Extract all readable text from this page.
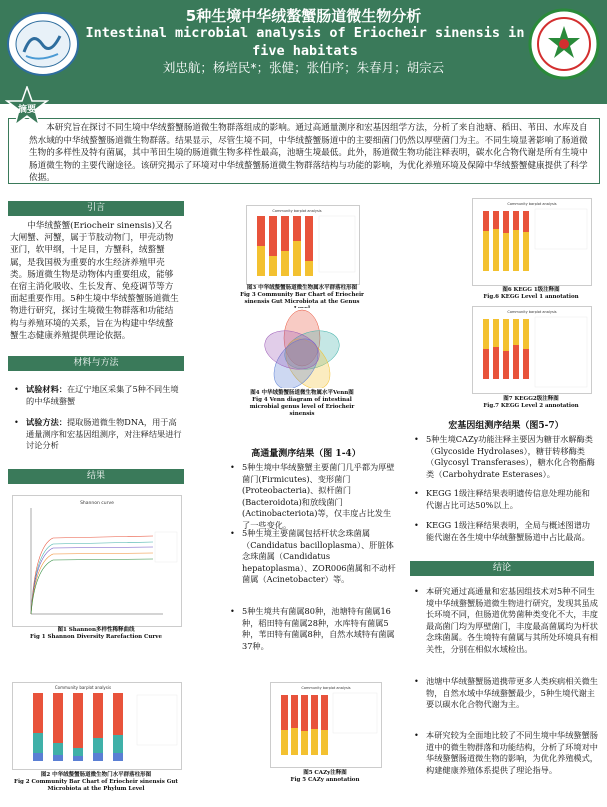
5种生境中华绒螯蟹肠道微生物分析
Intestinal microbial analysis of Eriocheir sinensis in five habitats
刘忠航；杨培民*；张健；张伯序；朱春月；胡宗云

本研究旨在探讨不同生境中华绒螯蟹肠道微生物群落组成的影响。通过高通量测序和宏基因组学方法，分析了来自池塘、稻田、苇田、水库及自然水域的中华绒螯蟹肠道微生物群落。结果显示，尽管生境不同，中华绒螯蟹肠道中的主要细菌门仍然以厚壁菌门为主。不同生境显著影响了肠道微生物的多样性及特有菌属，其中苇田生境的肠道微生物多样性最高，池塘生境最低。此外，肠道微生物功能注释表明，碳水化合物代谢是所有生境中肠道微生物的主要代谢途径。该研究揭示了环境对中华绒螯蟹肠道微生物群落结构与功能的影响，为优化养殖环境及保障中华绒螯蟹健康提供了科学依据。

摘要
引言
中华绒螯蟹(Eriocheir sinensis)又名大闸蟹、河蟹，属于节肢动物门，甲壳动物亚门，软甲纲，十足目，方蟹科，绒螯蟹属，是我国极为重要的水生经济养殖甲壳类。肠道微生物是动物体内重要组成，能够在宿主消化吸收、生长发育、免疫调节等方面起重要作用。5种生境中华绒螯蟹肠道微生物进行研究，探讨生境微生物群落和功能结构与养殖环境的关系，旨在为构建中华绒螯蟹生态健康养殖提供理论依据。
材料与方法
• 试验材料：在辽宁地区采集了5种不同生境的中华绒螯蟹
• 试验方法：提取肠道微生物DNA，用于高通量测序和宏基因组测序，对注释结果进行讨论分析
结果
Shannon curve
图1 Shannon多样性稀释曲线
Fig 1 Shannon Diversity Rarefaction Curve
Community barplot analysis
图2 中华绒螯蟹肠道微生物门水平群落柱形图
Fig 2 Community Bar Chart of Eriocheir sinensis Gut Microbiota at the Phylum Level
Community barplot analysis
图3 中华绒螯蟹肠道微生物属水平群落柱形图
Fig 3 Community Bar Chart of Eriocheir sinensis Gut Microbiota at the Genus
图4 中华绒螯蟹肠道微生物属水平Venn图
Fig 4 Venn diagram of intestinal microbial genus level of Eriocheir sinensis
Community barplot analysis
图6 KEGG 1级注释图
Fig.6 KEGG Level 1 annotation
Community barplot analysis
图7 KEGG2级注释图
Fig.7 KEGG Level 2 annotation
高通量测序结果（图 1-4）
• 5种生境中华绒螯蟹主要菌门几乎都为厚壁菌门(Firmicutes)、变形菌门(Proteobacteria)、拟杆菌门(Bacteroidota)和放线菌门(Actinobacteriota)等，仅丰度占比发生了一些变化。
• 5种生境主要菌属包括杆状念珠菌属（Candidatus bacilloplasma）、肝脏体念珠菌属（Candidatus hepatoplasma）、ZOR006菌属和不动杆菌属（Acinetobacter）等。
• 5种生境共有菌属80种，池塘特有菌属16种，稻田特有菌属28种，水库特有菌属5种，苇田特有菌属8种，自然水域特有菌属37种。
Community barplot analysis
图5 CAZy注释图
Fig 5 CAZy annotation
宏基因组测序结果（图5-7）
• 5种生境CAZy功能注释主要因为糖苷水解酶类（Glycoside Hydrolases），糖苷转移酶类（Glycosyl Transferases），糖水化合物酯酶类（Carbohydrate Esterases）。
• KEGG 1级注释结果表明遗传信息处理功能和代谢占比可达50%以上。
• KEGG 1级注释结果表明，全局与概述图谱功能代谢在各生境中华绒螯蟹肠道中占比最高。
结论
• 本研究通过高通量和宏基因组技术对5种不同生境中华绒螯蟹肠道微生物进行研究，发现其虽成长环境不同，但肠道优势菌种类变化不大，丰度最高菌门均为厚壁菌门，丰度最高菌属均为杆状念珠菌属。各生境特有菌属与其所处环境具有相关性，分别在相似水域检出。
• 池塘中华绒螯蟹肠道携带更多人类疾病相关微生物，自然水域中华绒螯蟹最少，5种生境代谢主要以碳水化合物代谢为主。
• 本研究较为全面地比较了不同生境中华绒螯蟹肠道中的微生物群落和功能结构，分析了环境对中华绒螯蟹肠道微生物的影响，为优化养殖模式，构建健康养殖体系提供了理论指导。
